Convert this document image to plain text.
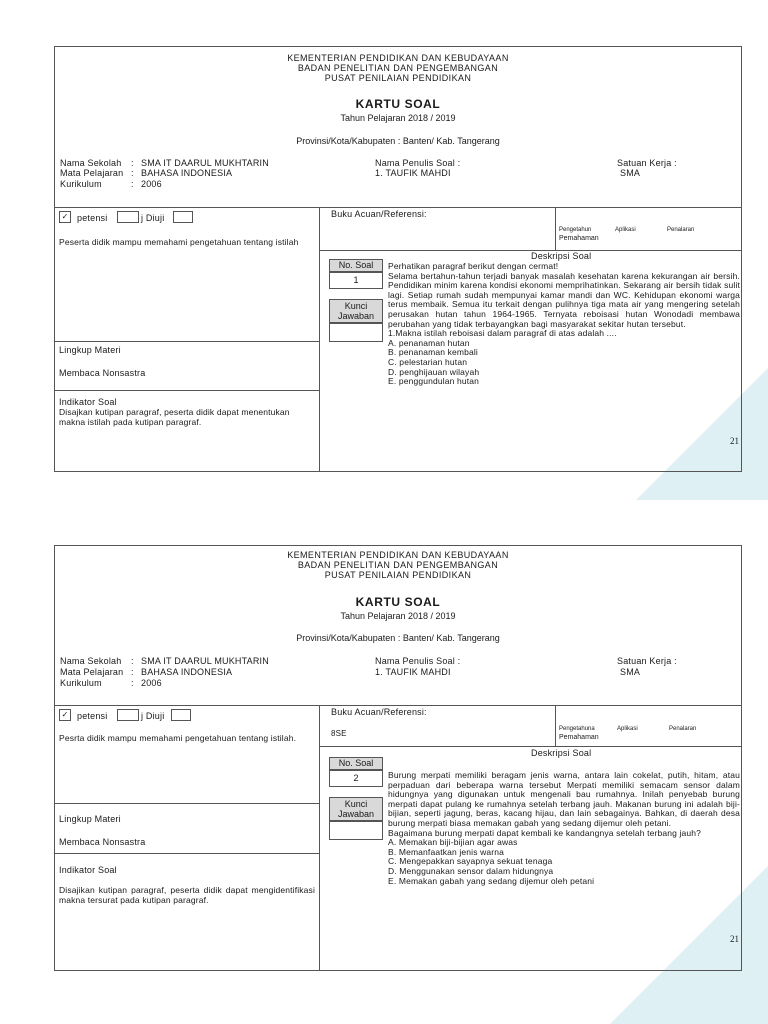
KEMENTERIAN PENDIDIKAN DAN KEBUDAYAAN
BADAN PENELITIAN DAN PENGEMBANGAN
PUSAT PENILAIAN PENDIDIKAN
KARTU SOAL
Tahun Pelajaran 2018 / 2019
Provinsi/Kota/Kabupaten : Banten/ Kab. Tangerang
Nama Sekolah : SMA IT DAARUL MUKHTARIN
Mata Pelajaran : BAHASA INDONESIA
Kurikulum	: 2006
Nama Penulis Soal :
1. TAUFIK MAHDI
Satuan Kerja :
SMA
✓ petensi	j Diuji
Peserta didik mampu memahami pengetahuan tentang istilah
Lingkup Materi
Membaca Nonsastra
Indikator Soal
Disajkan kutipan paragraf, peserta didik dapat menentukan makna istilah pada kutipan paragraf.
Buku Acuan/Referensi:
Pengetahun
Pemahaman
Aplikasi	Penalaran
Deskripsi Soal
No. Soal
1
Kunci
Jawaban

Perhatikan paragraf berikut dengan cermat!

Selama bertahun-tahun terjadi banyak masalah kesehatan karena kekurangan air bersih. Pendidikan minim karena kondisi ekonomi memprihatinkan. Sekarang air bersih tidak sulit lagi. Setiap rumah sudah mempunyai kamar mandi dan WC. Kehidupan ekonomi warga terus membaik. Semua itu terkait dengan pulihnya tiga mata air yang mengering setelah perusakan hutan tahun 1964-1965. Ternyata reboisasi hutan Wonodadi membawa perubahan yang tidak terbayangkan bagi masyarakat sekitar hutan tersebut.

1.Makna istilah reboisasi dalam paragraf di atas adalah ....

A. penanaman hutan

B. penanaman kembali

C. pelestarian hutan

D. penghijauan wilayah

E. penggundulan hutan

21
KEMENTERIAN PENDIDIKAN DAN KEBUDAYAAN
BADAN PENELITIAN DAN PENGEMBANGAN
PUSAT PENILAIAN PENDIDIKAN
KARTU SOAL
Tahun Pelajaran 2018 / 2019
Provinsi/Kota/Kabupaten : Banten/ Kab. Tangerang
Nama Sekolah : SMA IT DAARUL MUKHTARIN
Mata Pelajaran : BAHASA INDONESIA
Kurikulum	: 2006
Nama Penulis Soal :
1. TAUFIK MAHDI
Satuan Kerja :
SMA
✓ petensi	j Diuji
Pesrta didik mampu memahami pengetahuan tentang istilah.
Lingkup Materi
Membaca Nonsastra
Indikator Soal
Disajikan kutipan paragraf, peserta didik dapat mengidentifikasi makna tersurat pada kutipan paragraf.
Buku Acuan/Referensi:
8SE	Pengetahuna
Pemahaman
Aplikasi	Penalaran
Deskripsi Soal
No. Soal
2
Kunci
Jawaban

Burung merpati memiliki beragam jenis warna, antara lain cokelat, putih, hitam, atau perpaduan dari beberapa warna tersebut Merpati memiliki semacam sensor dalam hidungnya yang digunakan untuk mengenali bau rumahnya. Inilah penyebab burung merpati dapat pulang ke rumahnya setelah terbang jauh. Makanan burung ini adalah biji-bijian, seperti jagung, beras, kacang hijau, dan lain sebagainya. Bahkan, di daerah desa burung merpati biasa memakan gabah yang sedang dijemur oleh petani.

Bagaimana burung merpati dapat kembali ke kandangnya setelah terbang jauh?

A. Memakan biji-bijian agar awas

B. Memanfaatkan jenis warna

C. Mengepakkan sayapnya sekuat tenaga

D. Menggunakan sensor dalam hidungnya

E. Memakan gabah yang sedang dijemur oleh petani

21
